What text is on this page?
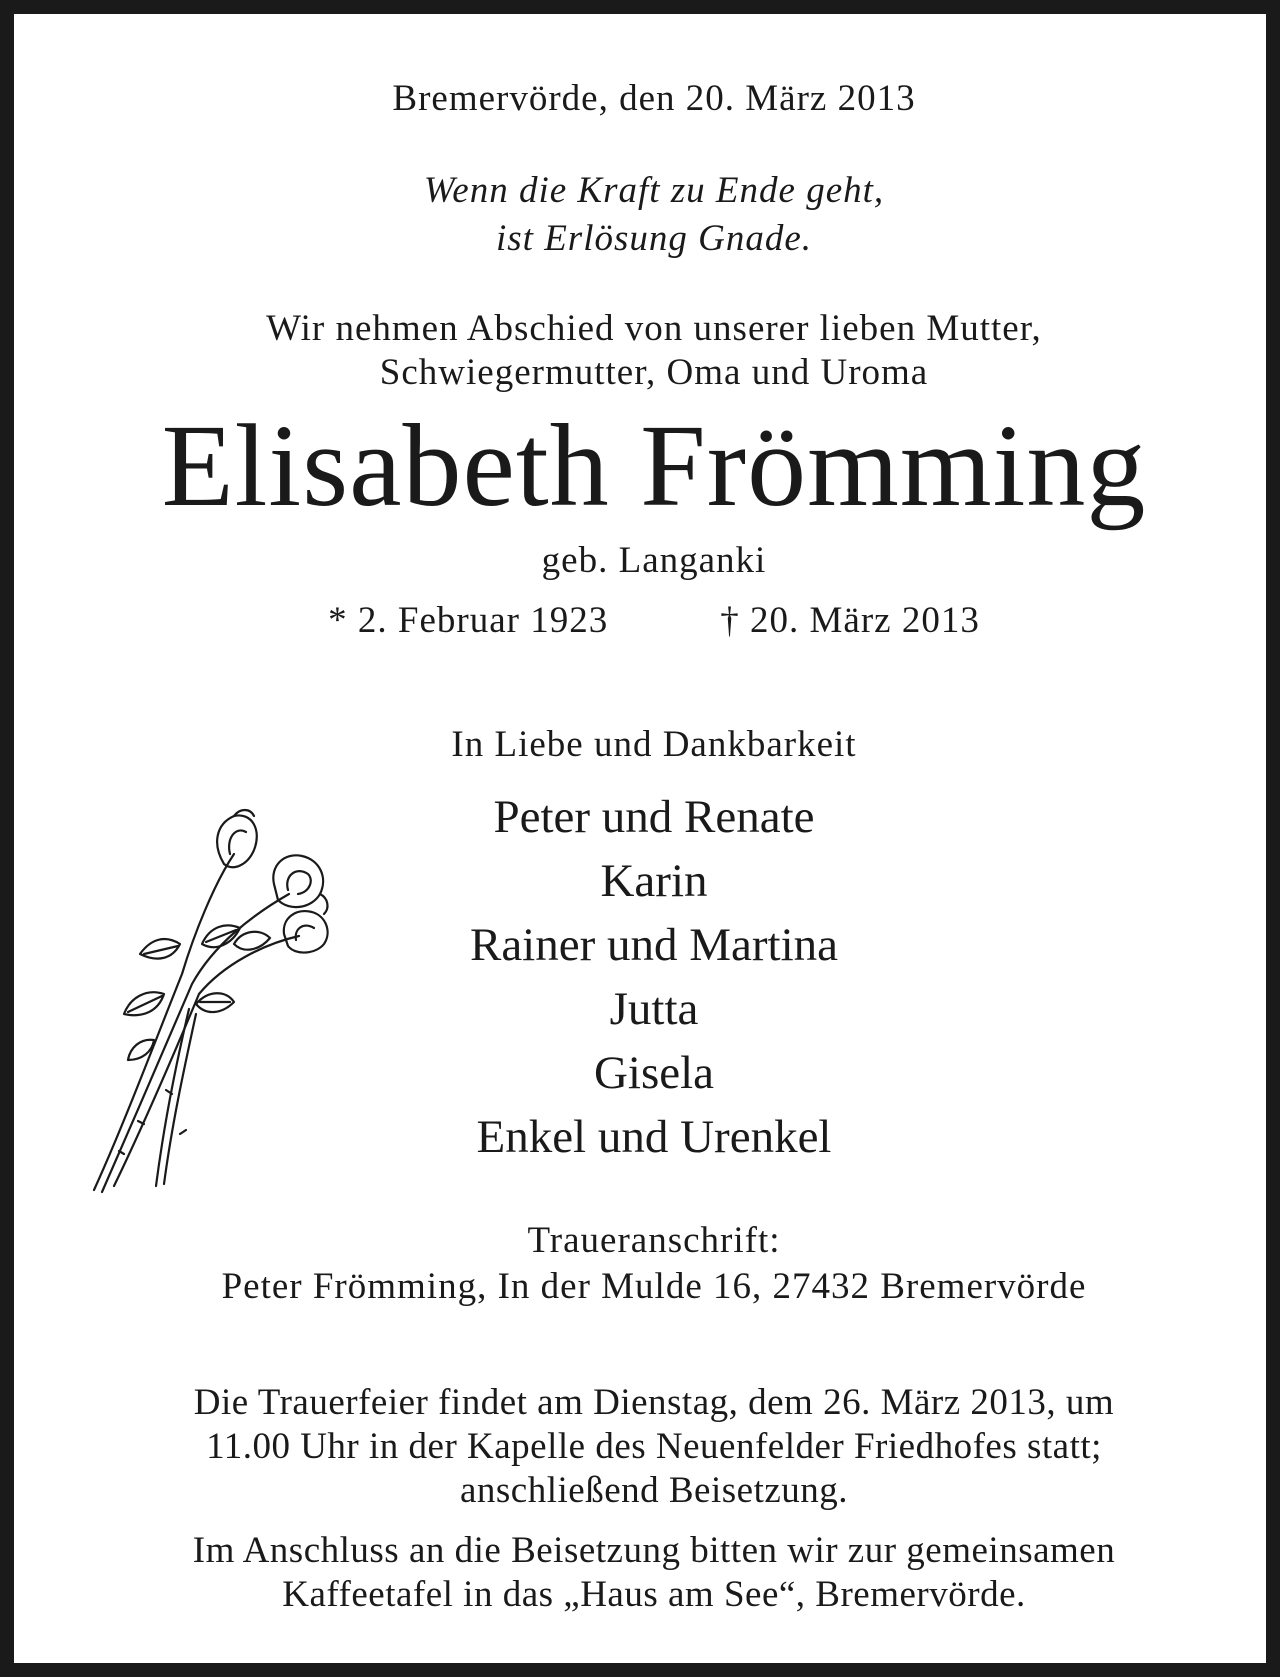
Bremervörde, den 20. März 2013
Wenn die Kraft zu Ende geht,
ist Erlösung Gnade.
Wir nehmen Abschied von unserer lieben Mutter,
Schwiegermutter, Oma und Uroma
Elisabeth Frömming
geb. Langanki
* 2. Februar 1923	† 20. März 2013
In Liebe und Dankbarkeit
Peter und Renate
Karin
Rainer und Martina
Jutta
Gisela
Enkel und Urenkel
Traueranschrift:
Peter Frömming, In der Mulde 16, 27432 Bremervörde
Die Trauerfeier findet am Dienstag, dem 26. März 2013, um
11.00 Uhr in der Kapelle des Neuenfelder Friedhofes statt;
anschließend Beisetzung.
Im Anschluss an die Beisetzung bitten wir zur gemeinsamen
Kaffeetafel in das „Haus am See“, Bremervörde.
